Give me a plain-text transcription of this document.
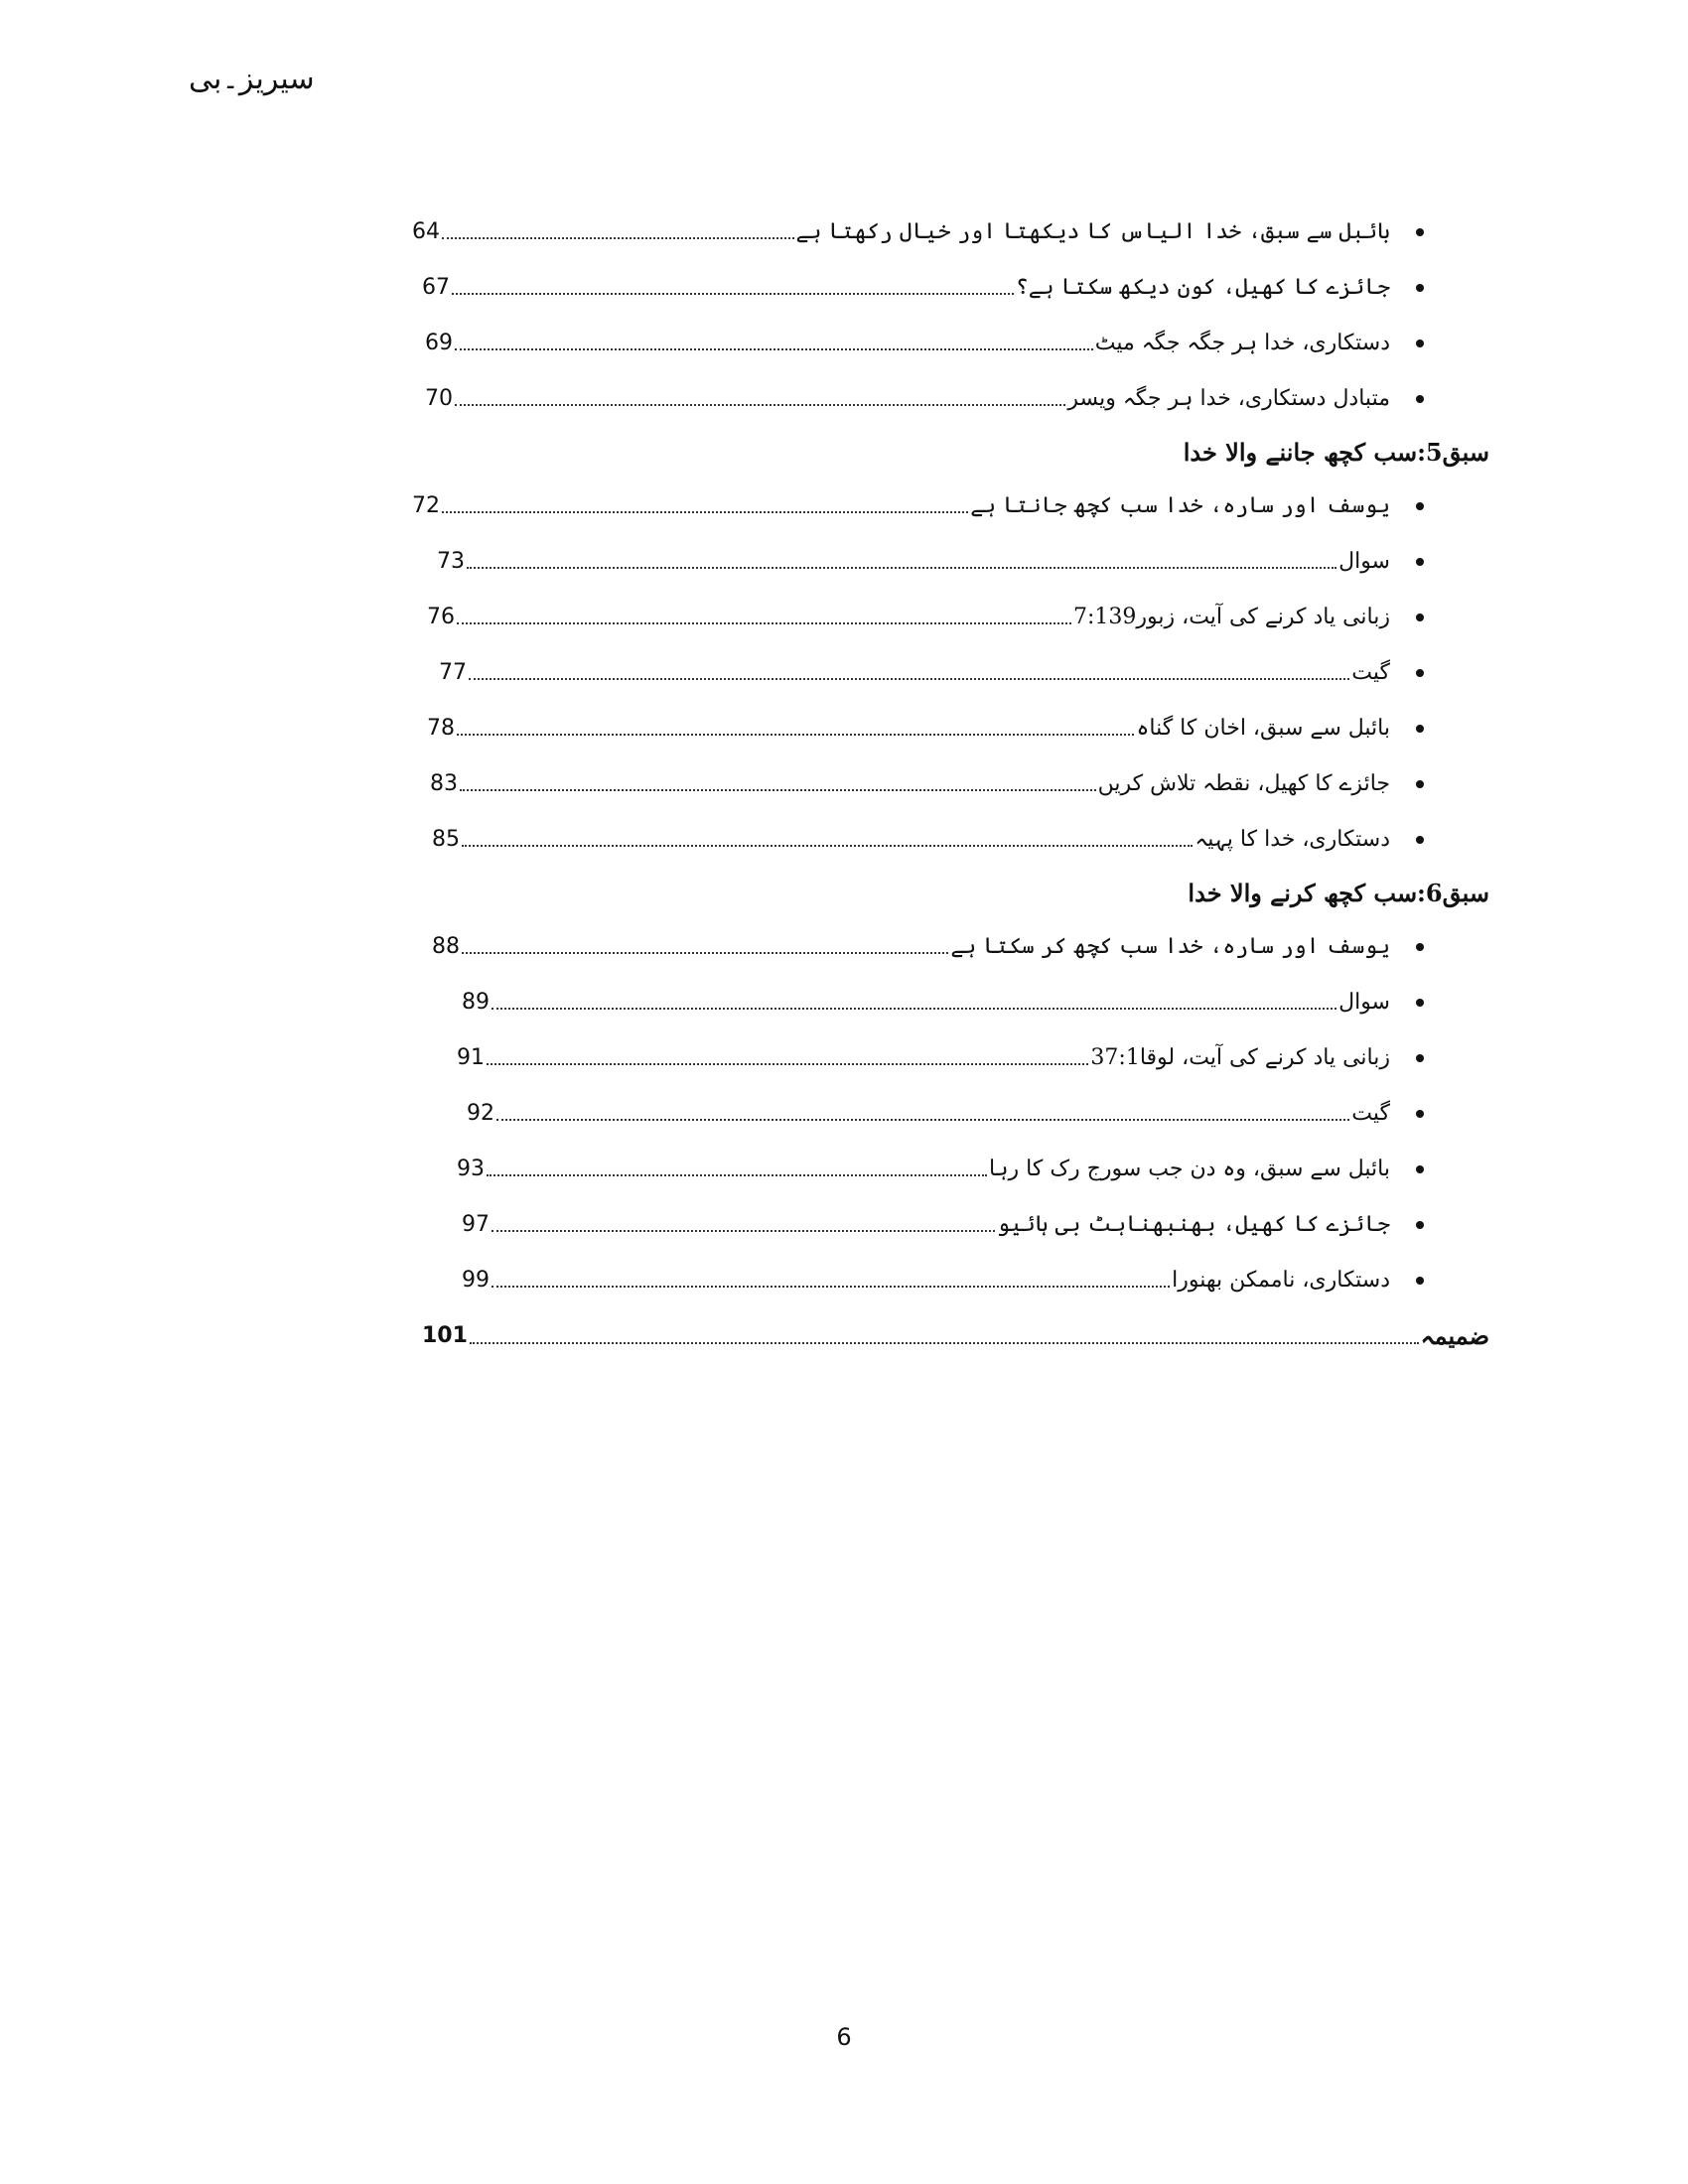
سیریز۔بی
بائبل سے سبق، خدا الیاس کا دیکھتا اور خیال رکھتا ہے
64
جائزے کا کھیل، کون دیکھ سکتا ہے؟
67
دستکاری، خدا ہر جگہ جگہ میٹ
69
متبادل دستکاری، خدا ہر جگہ ویسر
70
سبق5:سب کچھ جاننے والا خدا
یوسف اور سارہ، خدا سب کچھ جانتا ہے
72
سوال
73
زبانی یاد کرنے کی آیت، زبور7:139
76
گیت
77
بائبل سے سبق، اخان کا گناہ
78
جائزے کا کھیل، نقطہ تلاش کریں
83
دستکاری، خدا کا پہیہ
85
سبق6:سب کچھ کرنے والا خدا
یوسف اور سارہ، خدا سب کچھ کر سکتا ہے
88
سوال
89
زبانی یاد کرنے کی آیت، لوقا37:1
91
گیت
92
بائبل سے سبق، وہ دن جب سورج رک کا رہا
93
جائزے کا کھیل، بھنبھناہٹ بی ہائیو
97
دستکاری، ناممکن بھنورا
99
ضمیمہ
101
6
